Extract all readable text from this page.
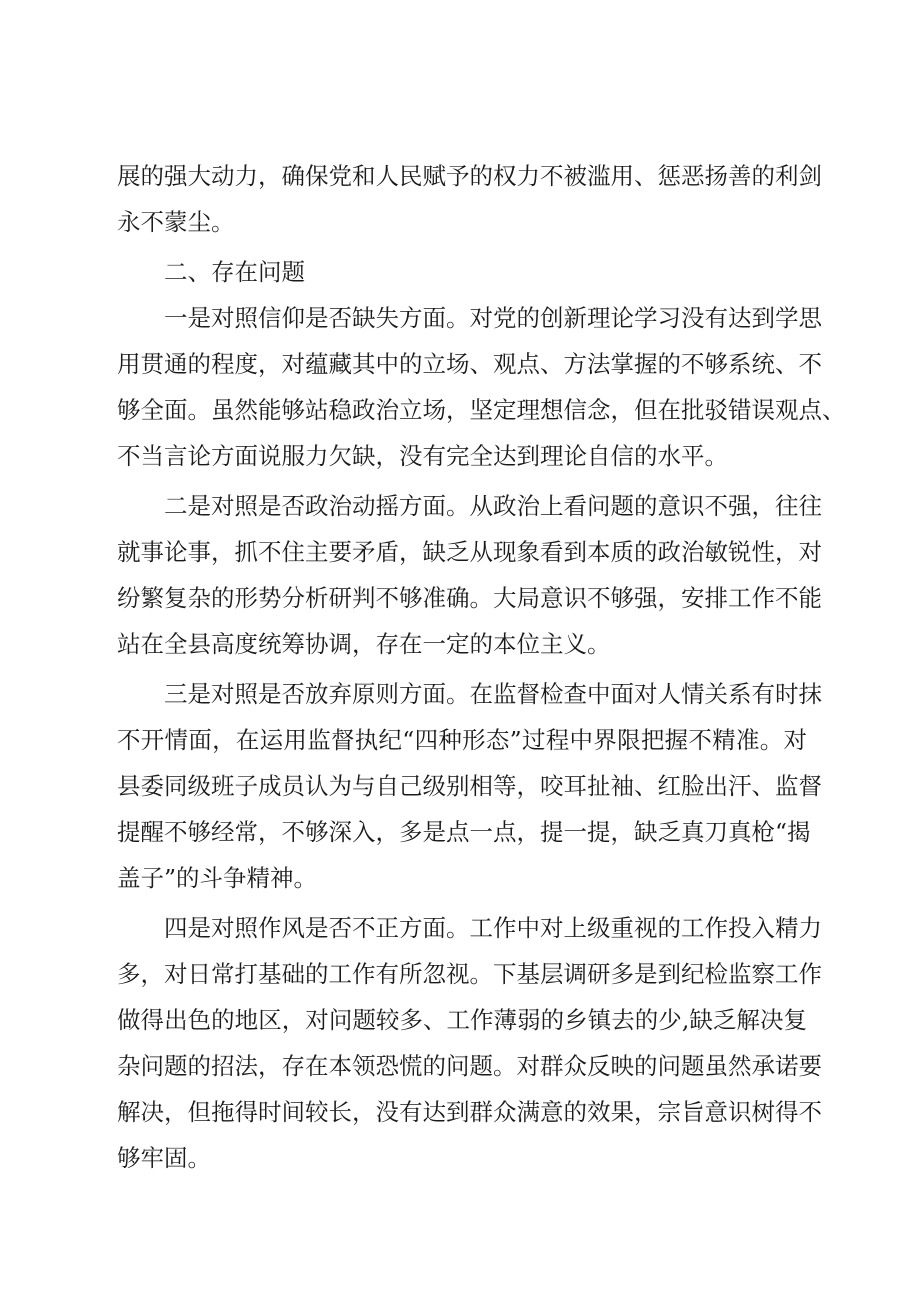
展的强大动力，确保党和人民赋予的权力不被滥用、惩恶扬善的利剑
永不蒙尘。
二、存在问题
一是对照信仰是否缺失方面。对党的创新理论学习没有达到学思
用贯通的程度，对蕴藏其中的立场、观点、方法掌握的不够系统、不
够全面。虽然能够站稳政治立场，坚定理想信念，但在批驳错误观点、
不当言论方面说服力欠缺，没有完全达到理论自信的水平。
二是对照是否政治动摇方面。从政治上看问题的意识不强，往往
就事论事，抓不住主要矛盾，缺乏从现象看到本质的政治敏锐性，对
纷繁复杂的形势分析研判不够准确。大局意识不够强，安排工作不能
站在全县高度统筹协调，存在一定的本位主义。
三是对照是否放弃原则方面。在监督检查中面对人情关系有时抹
不开情面，在运用监督执纪“四种形态”过程中界限把握不精准。对
县委同级班子成员认为与自己级别相等，咬耳扯袖、红脸出汗、监督
提醒不够经常，不够深入，多是点一点，提一提，缺乏真刀真枪“揭
盖子”的斗争精神。
四是对照作风是否不正方面。工作中对上级重视的工作投入精力
多，对日常打基础的工作有所忽视。下基层调研多是到纪检监察工作
做得出色的地区，对问题较多、工作薄弱的乡镇去的少,缺乏解决复
杂问题的招法，存在本领恐慌的问题。对群众反映的问题虽然承诺要
解决，但拖得时间较长，没有达到群众满意的效果，宗旨意识树得不
够牢固。
